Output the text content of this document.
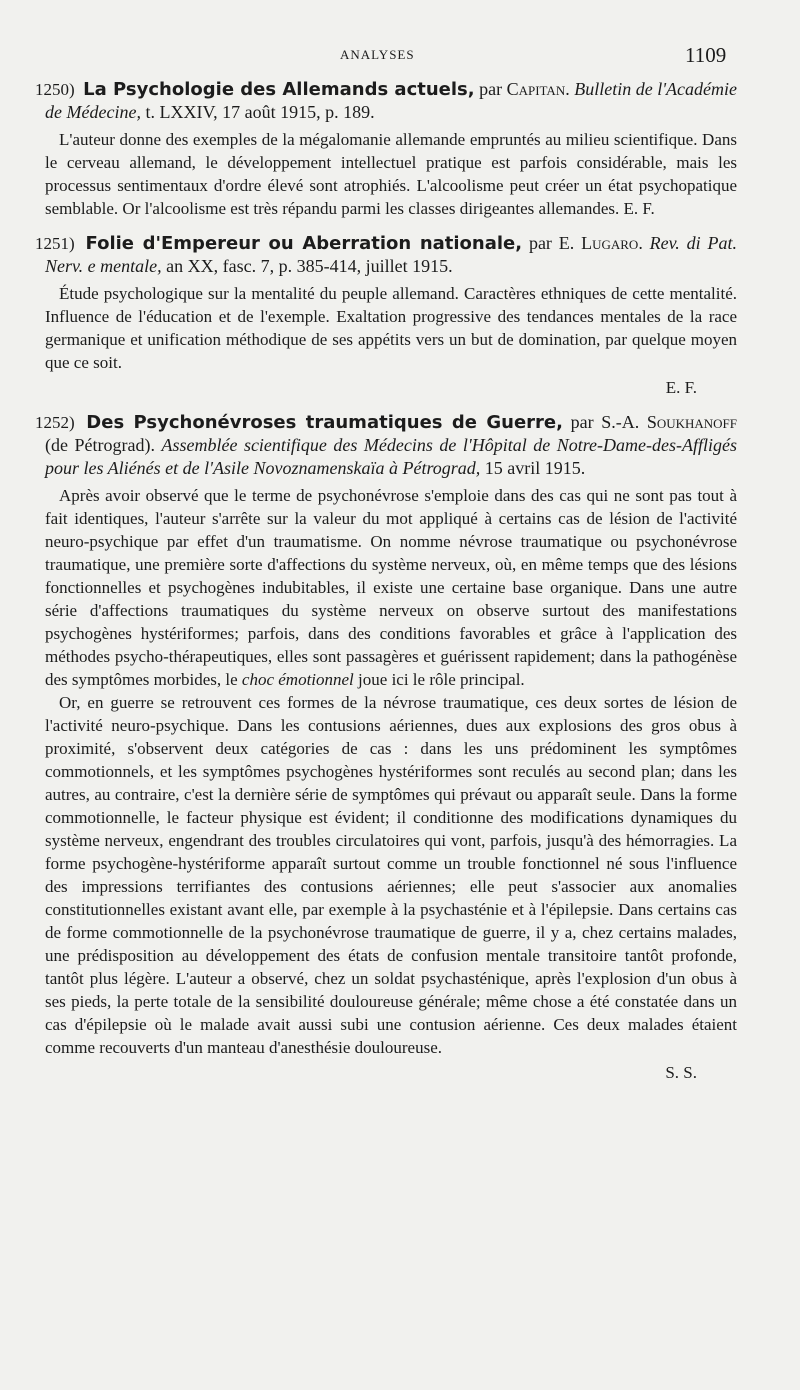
ANALYSES	1109

1250) La Psychologie des Allemands actuels, par Capitan. Bulletin de l'Académie de Médecine, t. LXXIV, 17 août 1915, p. 189.

L'auteur donne des exemples de la mégalomanie allemande empruntés au milieu scientifique. Dans le cerveau allemand, le développement intellectuel pratique est parfois considérable, mais les processus sentimentaux d'ordre élevé sont atrophiés. L'alcoolisme peut créer un état psychopatique semblable. Or l'alcoolisme est très répandu parmi les classes dirigeantes allemandes. E. F.

1251) Folie d'Empereur ou Aberration nationale, par E. Lugaro. Rev. di Pat. Nerv. e mentale, an XX, fasc. 7, p. 385-414, juillet 1915.

Étude psychologique sur la mentalité du peuple allemand. Caractères ethniques de cette mentalité. Influence de l'éducation et de l'exemple. Exaltation progressive des tendances mentales de la race germanique et unification méthodique de ses appétits vers un but de domination, par quelque moyen que ce soit.

E. F.

1252) Des Psychonévroses traumatiques de Guerre, par S.-A. Soukhanoff (de Pétrograd). Assemblée scientifique des Médecins de l'Hôpital de Notre-Dame-des-Affligés pour les Aliénés et de l'Asile Novoznamenskaïa à Pétrograd, 15 avril 1915.

Après avoir observé que le terme de psychonévrose s'emploie dans des cas qui ne sont pas tout à fait identiques, l'auteur s'arrête sur la valeur du mot appliqué à certains cas de lésion de l'activité neuro-psychique par effet d'un traumatisme. On nomme névrose traumatique ou psychonévrose traumatique, une première sorte d'affections du système nerveux, où, en même temps que des lésions fonctionnelles et psychogènes indubitables, il existe une certaine base organique. Dans une autre série d'affections traumatiques du système nerveux on observe surtout des manifestations psychogènes hystériformes; parfois, dans des conditions favorables et grâce à l'application des méthodes psycho-thérapeutiques, elles sont passagères et guérissent rapidement; dans la pathogénèse des symptômes morbides, le choc émotionnel joue ici le rôle principal.

Or, en guerre se retrouvent ces formes de la névrose traumatique, ces deux sortes de lésion de l'activité neuro-psychique. Dans les contusions aériennes, dues aux explosions des gros obus à proximité, s'observent deux catégories de cas : dans les uns prédominent les symptômes commotionnels, et les symptômes psychogènes hystériformes sont reculés au second plan; dans les autres, au contraire, c'est la dernière série de symptômes qui prévaut ou apparaît seule. Dans la forme commotionnelle, le facteur physique est évident; il conditionne des modifications dynamiques du système nerveux, engendrant des troubles circulatoires qui vont, parfois, jusqu'à des hémorragies. La forme psychogène-hystériforme apparaît surtout comme un trouble fonctionnel né sous l'influence des impressions terrifiantes des contusions aériennes; elle peut s'associer aux anomalies constitutionnelles existant avant elle, par exemple à la psychasténie et à l'épilepsie. Dans certains cas de forme commotionnelle de la psychonévrose traumatique de guerre, il y a, chez certains malades, une prédisposition au développement des états de confusion mentale transitoire tantôt profonde, tantôt plus légère. L'auteur a observé, chez un soldat psychasténique, après l'explosion d'un obus à ses pieds, la perte totale de la sensibilité douloureuse générale; même chose a été constatée dans un cas d'épilepsie où le malade avait aussi subi une contusion aérienne. Ces deux malades étaient comme recouverts d'un manteau d'anesthésie douloureuse.

S. S.
